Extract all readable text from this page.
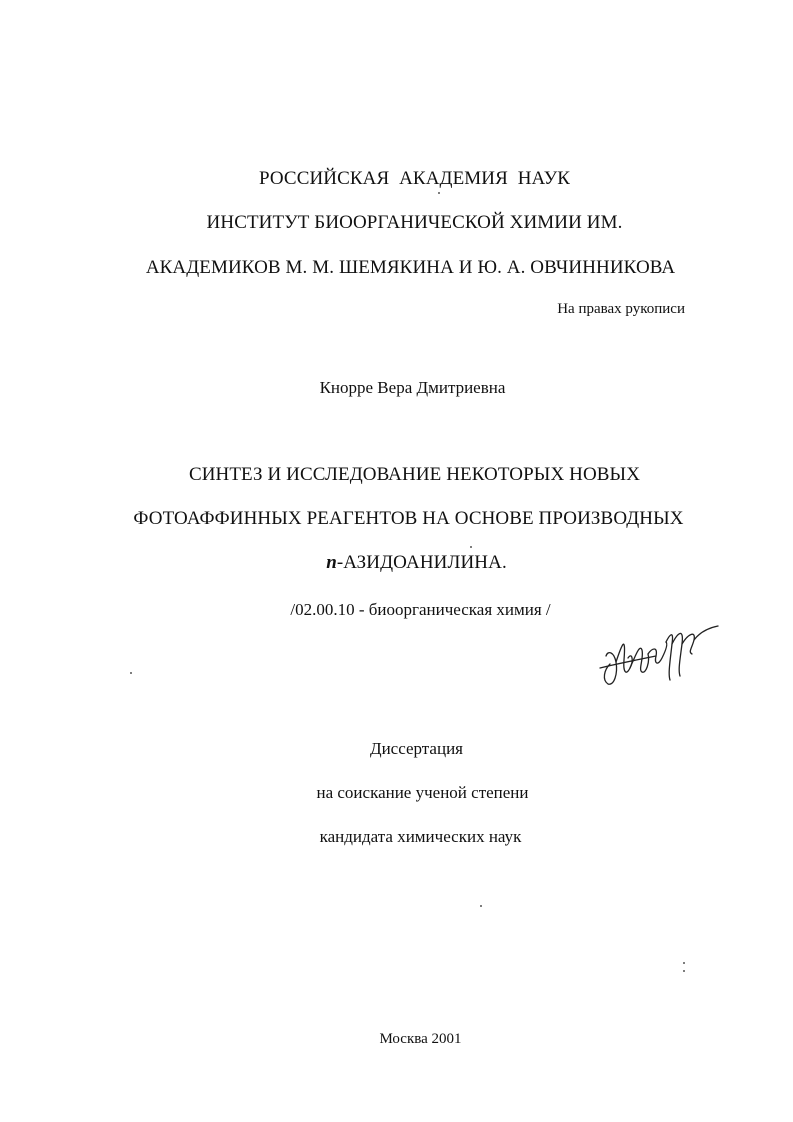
РОССИЙСКАЯ АКАДЕМИЯ НАУК
ИНСТИТУТ БИООРГАНИЧЕСКОЙ ХИМИИ ИМ.
АКАДЕМИКОВ М. М. ШЕМЯКИНА И Ю. А. ОВЧИННИКОВА
На правах рукописи
Кнорре Вера Дмитриевна
СИНТЕЗ И ИССЛЕДОВАНИЕ НЕКОТОРЫХ НОВЫХ
ФОТОАФФИННЫХ РЕАГЕНТОВ НА ОСНОВЕ ПРОИЗВОДНЫХ
n-АЗИДОАНИЛИНА.
/02.00.10 - биоорганическая химия /
Диссертация
на соискание ученой степени
кандидата химических наук
Москва 2001
